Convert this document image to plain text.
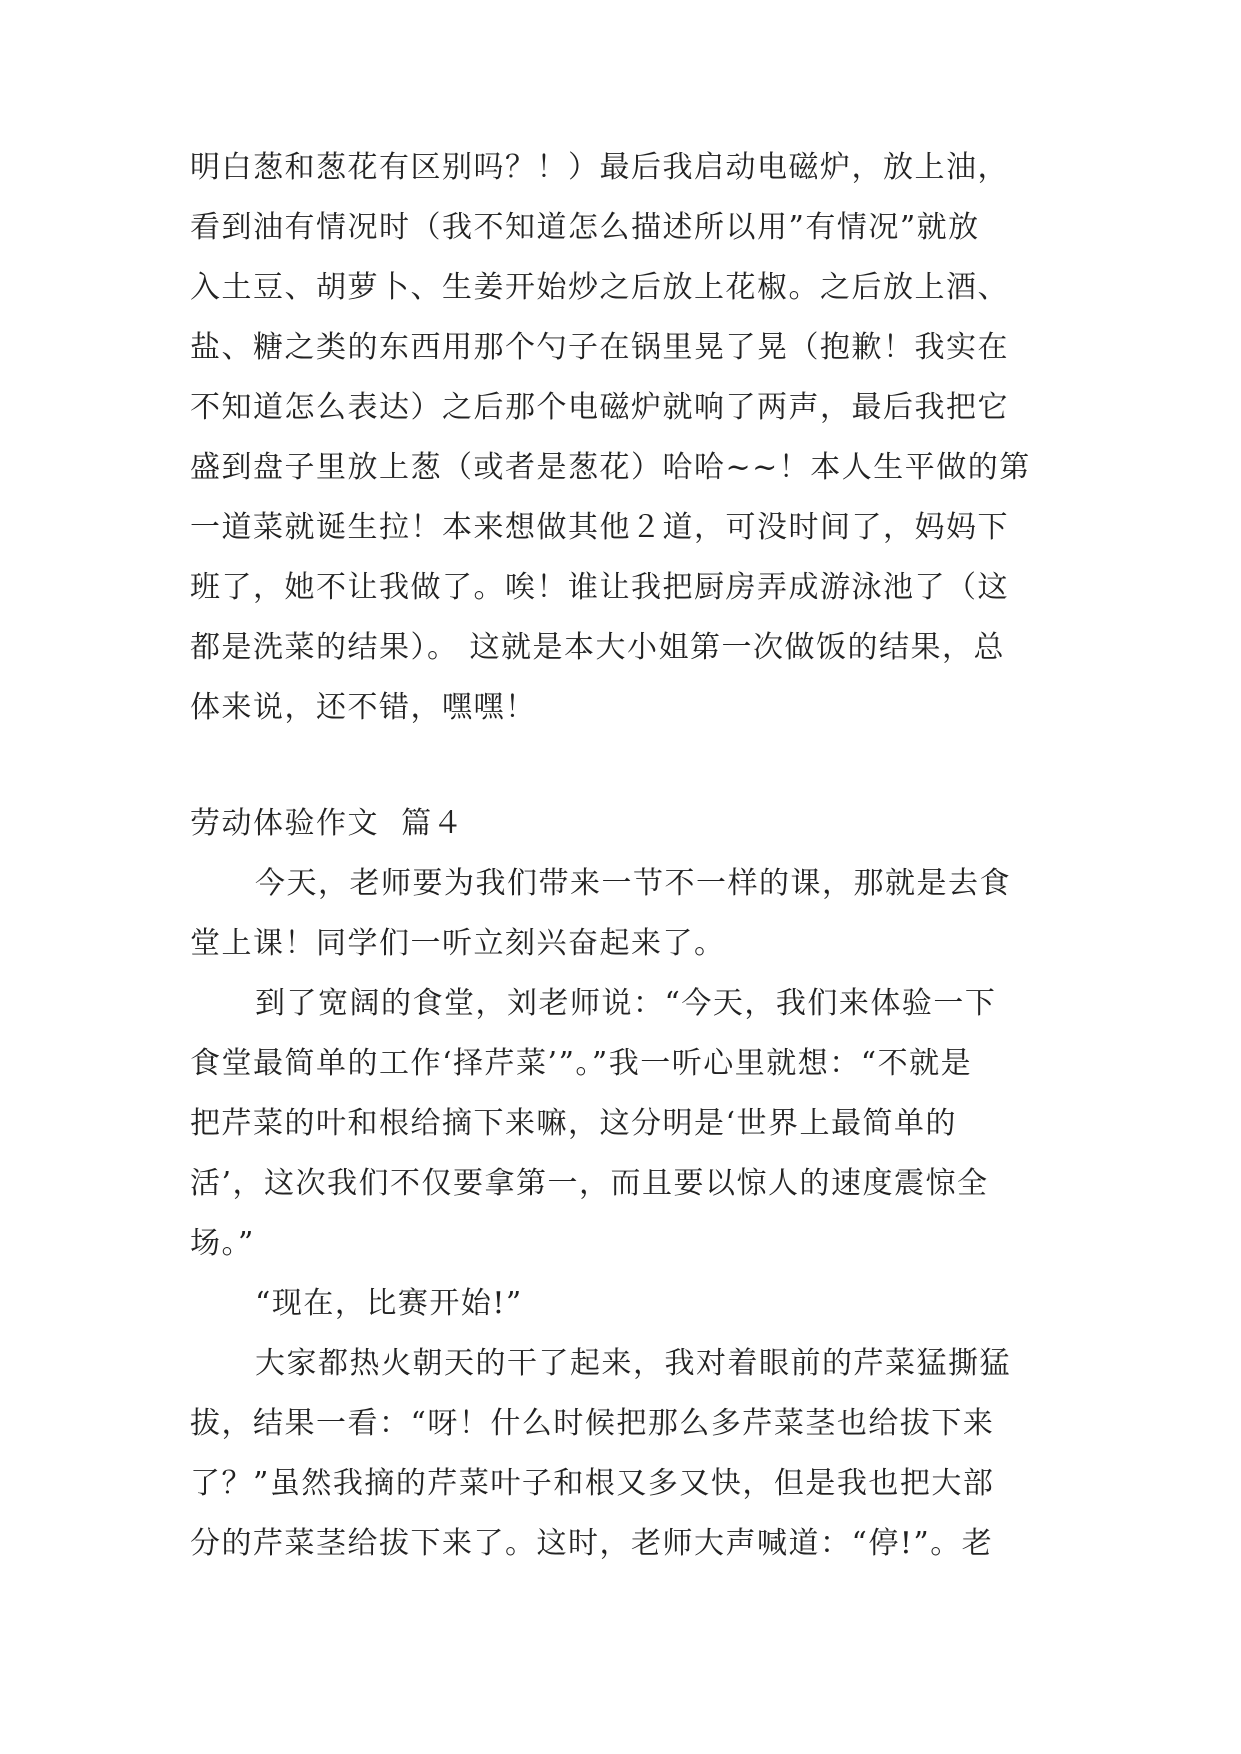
明白葱和葱花有区别吗？！）最后我启动电磁炉，放上油，
看到油有情况时（我不知道怎么描述所以用”有情况”就放
入土豆、胡萝卜、生姜开始炒之后放上花椒。之后放上酒、
盐、糖之类的东西用那个勺子在锅里晃了晃（抱歉！我实在
不知道怎么表达）之后那个电磁炉就响了两声，最后我把它
盛到盘子里放上葱（或者是葱花）哈哈~~！本人生平做的第
一道菜就诞生拉！本来想做其他２道，可没时间了，妈妈下
班了，她不让我做了。唉！谁让我把厨房弄成游泳池了（这
都是洗菜的结果）。 这就是本大小姐第一次做饭的结果，总
体来说，还不错，嘿嘿！
劳动体验作文  篇４
今天，老师要为我们带来一节不一样的课，那就是去食
堂上课！同学们一听立刻兴奋起来了。
到了宽阔的食堂，刘老师说：“今天，我们来体验一下
食堂最简单的工作‘择芹菜’”。”我一听心里就想：“不就是
把芹菜的叶和根给摘下来嘛，这分明是‘世界上最简单的
活’，这次我们不仅要拿第一，而且要以惊人的速度震惊全
场。”
“现在，比赛开始!”
大家都热火朝天的干了起来，我对着眼前的芹菜猛撕猛
拔，结果一看：“呀！什么时候把那么多芹菜茎也给拔下来
了？”虽然我摘的芹菜叶子和根又多又快，但是我也把大部
分的芹菜茎给拔下来了。这时，老师大声喊道：“停!”。老
